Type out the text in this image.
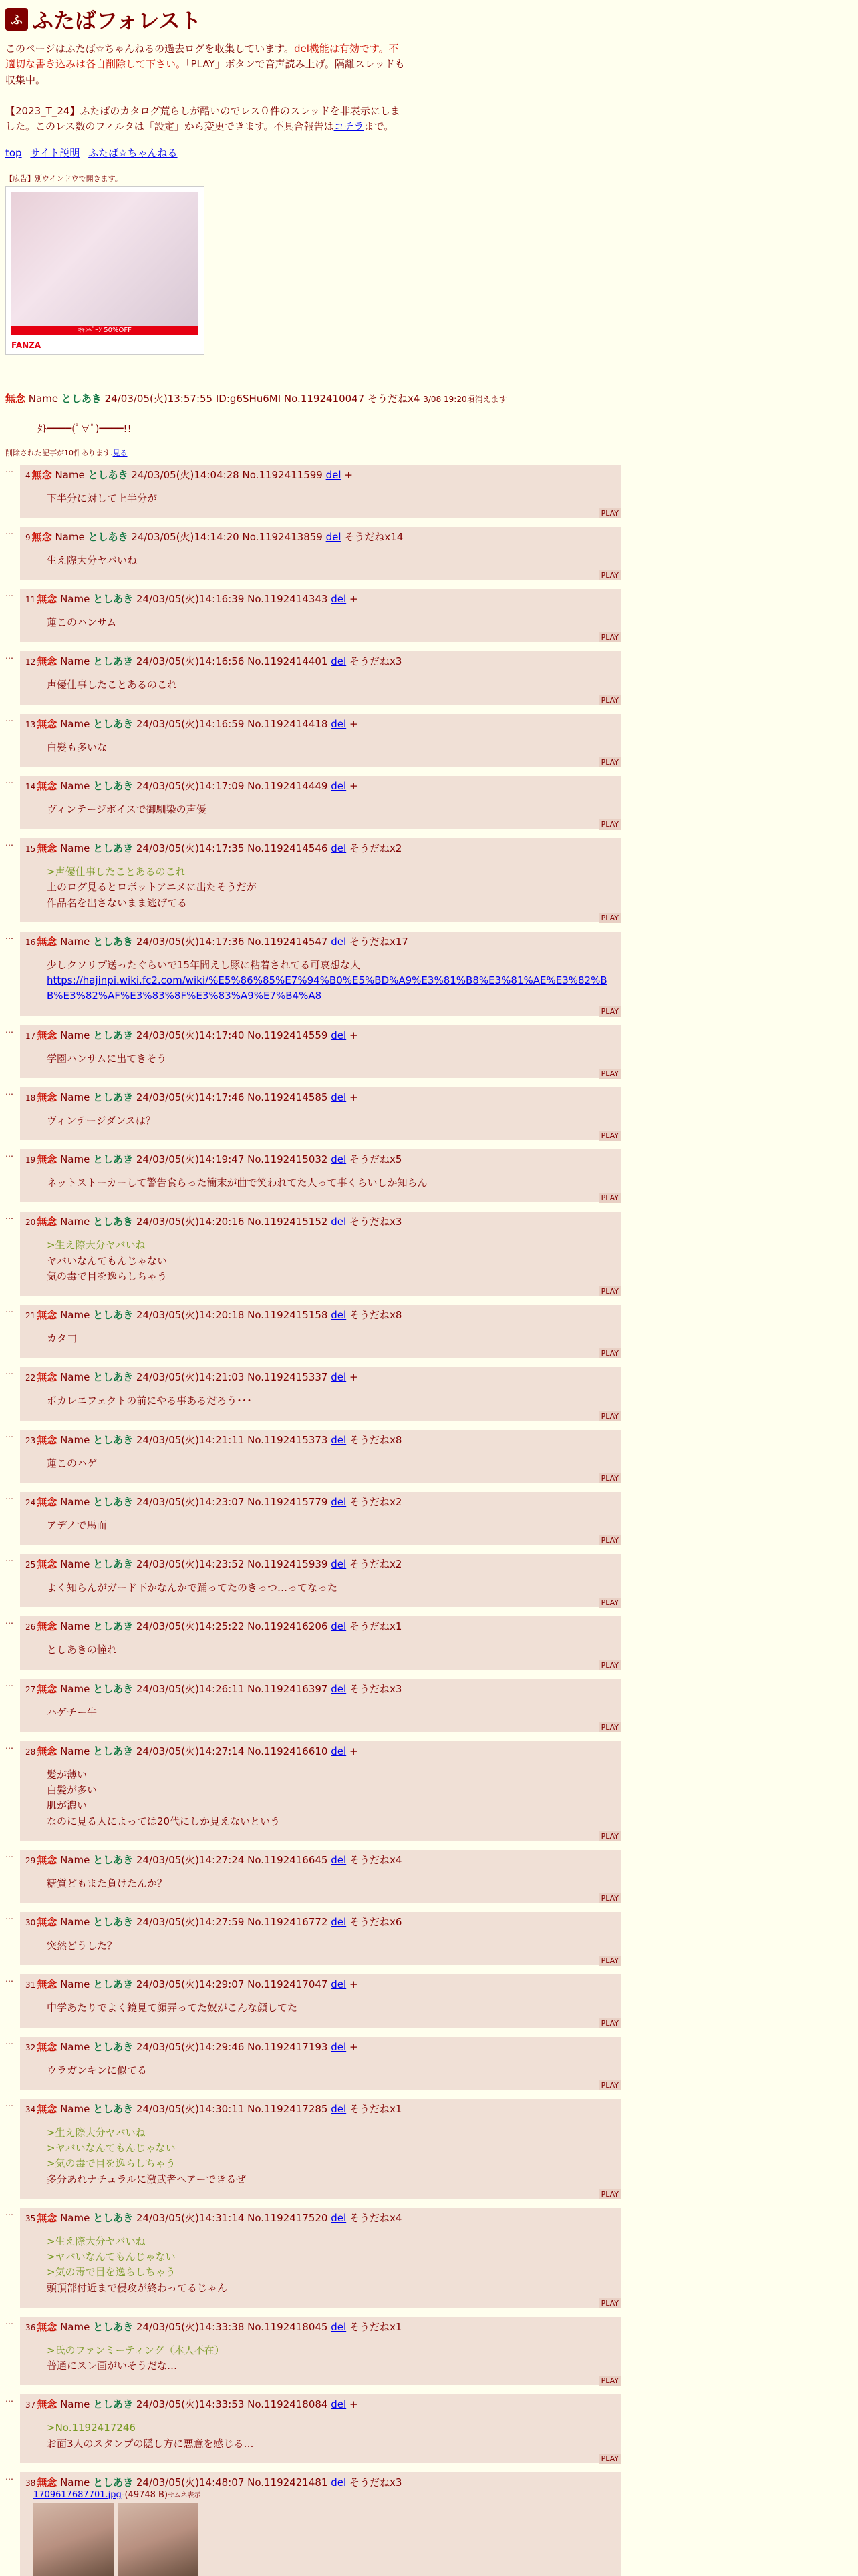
ふ ふたばフォレスト
このページはふたば☆ちゃんねるの過去ログを収集しています。del機能は有効です。不適切な書き込みは各自削除して下さい。「PLAY」ボタンで音声読み上げ。隔離スレッドも収集中。

【2023_T_24】ふたばのカタログ荒らしが酷いのでレス０件のスレッドを非表示にしました。このレス数のフィルタは「設定」から変更できます。不具合報告はコチラまで。
top サイト説明 ふたば☆ちゃんねる
【広告】別ウインドウで開きます。
ｷｬﾝﾍﾟｰﾝ 50%OFF
FANZA
無念 Name としあき 24/03/05(火)13:57:55 ID:g6SHu6MI No.1192410047 そうだねx4 3/08 19:20頃消えます
ﾀﾄ━━━━(ﾟ∀ﾟ)━━━━!!
削除された記事が10件あります.見る
…
4 無念 Name としあき 24/03/05(火)14:04:28 No.1192411599 del +
下半分に対して上半分が
PLAY
…
9 無念 Name としあき 24/03/05(火)14:14:20 No.1192413859 del そうだねx14
生え際大分ヤバいね
PLAY
…
11 無念 Name としあき 24/03/05(火)14:16:39 No.1192414343 del +
蓮このハンサム
PLAY
…
12 無念 Name としあき 24/03/05(火)14:16:56 No.1192414401 del そうだねx3
声優仕事したことあるのこれ
PLAY
…
13 無念 Name としあき 24/03/05(火)14:16:59 No.1192414418 del +
白髪も多いな
PLAY
…
14 無念 Name としあき 24/03/05(火)14:17:09 No.1192414449 del +
ヴィンテージボイスで御馴染の声優
PLAY
…
15 無念 Name としあき 24/03/05(火)14:17:35 No.1192414546 del そうだねx2
>声優仕事したことあるのこれ
上のログ見るとロボットアニメに出たそうだが
作品名を出さないまま逃げてる
PLAY
…
16 無念 Name としあき 24/03/05(火)14:17:36 No.1192414547 del そうだねx17
少しクソリプ送ったぐらいで15年間えし豚に粘着されてる可哀想な人
https://hajinpi.wiki.fc2.com/wiki/%E5%86%85%E7%94%B0%E5%BD%A9%E3%81%B8%E3%81%AE%E3%82%BB%E3%82%AF%E3%83%8F%E3%83%A9%E7%B4%A8
PLAY
…
17 無念 Name としあき 24/03/05(火)14:17:40 No.1192414559 del +
学園ハンサムに出てきそう
PLAY
…
18 無念 Name としあき 24/03/05(火)14:17:46 No.1192414585 del +
ヴィンテージダンスは？
PLAY
…
19 無念 Name としあき 24/03/05(火)14:19:47 No.1192415032 del そうだねx5
ネットストーカーして警告食らった簡末が曲で笑われてた人って事くらいしか知らん
PLAY
…
20 無念 Name としあき 24/03/05(火)14:20:16 No.1192415152 del そうだねx3
>生え際大分ヤバいね
ヤバいなんてもんじゃない
気の毒で目を逸らしちゃう
PLAY
…
21 無念 Name としあき 24/03/05(火)14:20:18 No.1192415158 del そうだねx8
カタ𠃌
PLAY
…
22 無念 Name としあき 24/03/05(火)14:21:03 No.1192415337 del +
ボカレエフェクトの前にやる事あるだろう･･･
PLAY
…
23 無念 Name としあき 24/03/05(火)14:21:11 No.1192415373 del そうだねx8
蓮このハゲ
PLAY
…
24 無念 Name としあき 24/03/05(火)14:23:07 No.1192415779 del そうだねx2
アデノで馬面
PLAY
…
25 無念 Name としあき 24/03/05(火)14:23:52 No.1192415939 del そうだねx2
よく知らんがガード下かなんかで踊ってたのきっつ…ってなった
PLAY
…
26 無念 Name としあき 24/03/05(火)14:25:22 No.1192416206 del そうだねx1
としあきの憧れ
PLAY
…
27 無念 Name としあき 24/03/05(火)14:26:11 No.1192416397 del そうだねx3
ハゲチー牛
PLAY
…
28 無念 Name としあき 24/03/05(火)14:27:14 No.1192416610 del +
髪が薄い
白髪が多い
肌が濃い
なのに見る人によっては20代にしか見えないという
PLAY
…
29 無念 Name としあき 24/03/05(火)14:27:24 No.1192416645 del そうだねx4
糖質どもまた負けたんか？
PLAY
…
30 無念 Name としあき 24/03/05(火)14:27:59 No.1192416772 del そうだねx6
突然どうした？
PLAY
…
31 無念 Name としあき 24/03/05(火)14:29:07 No.1192417047 del +
中学あたりでよく鏡見て顔弄ってた奴がこんな顔してた
PLAY
…
32 無念 Name としあき 24/03/05(火)14:29:46 No.1192417193 del +
ウラガンキンに似てる
PLAY
…
34 無念 Name としあき 24/03/05(火)14:30:11 No.1192417285 del そうだねx1
>生え際大分ヤバいね
>ヤバいなんてもんじゃない
>気の毒で目を逸らしちゃう
多分あれナチュラルに激武者ヘアーできるぜ
PLAY
…
35 無念 Name としあき 24/03/05(火)14:31:14 No.1192417520 del そうだねx4
>生え際大分ヤバいね
>ヤバいなんてもんじゃない
>気の毒で目を逸らしちゃう
頭頂部付近まで侵攻が終わってるじゃん
PLAY
…
36 無念 Name としあき 24/03/05(火)14:33:38 No.1192418045 del そうだねx1
>氏のファンミーティング（本人不在）
普通にスレ画がいそうだな…
PLAY
…
37 無念 Name としあき 24/03/05(火)14:33:53 No.1192418084 del +
>No.1192417246
お面3人のスタンプの隠し方に悪意を感じる…
PLAY
…
38 無念 Name としあき 24/03/05(火)14:48:07 No.1192421481 del そうだねx3
1709617687701.jpg-(49748 B)サムネ表示
